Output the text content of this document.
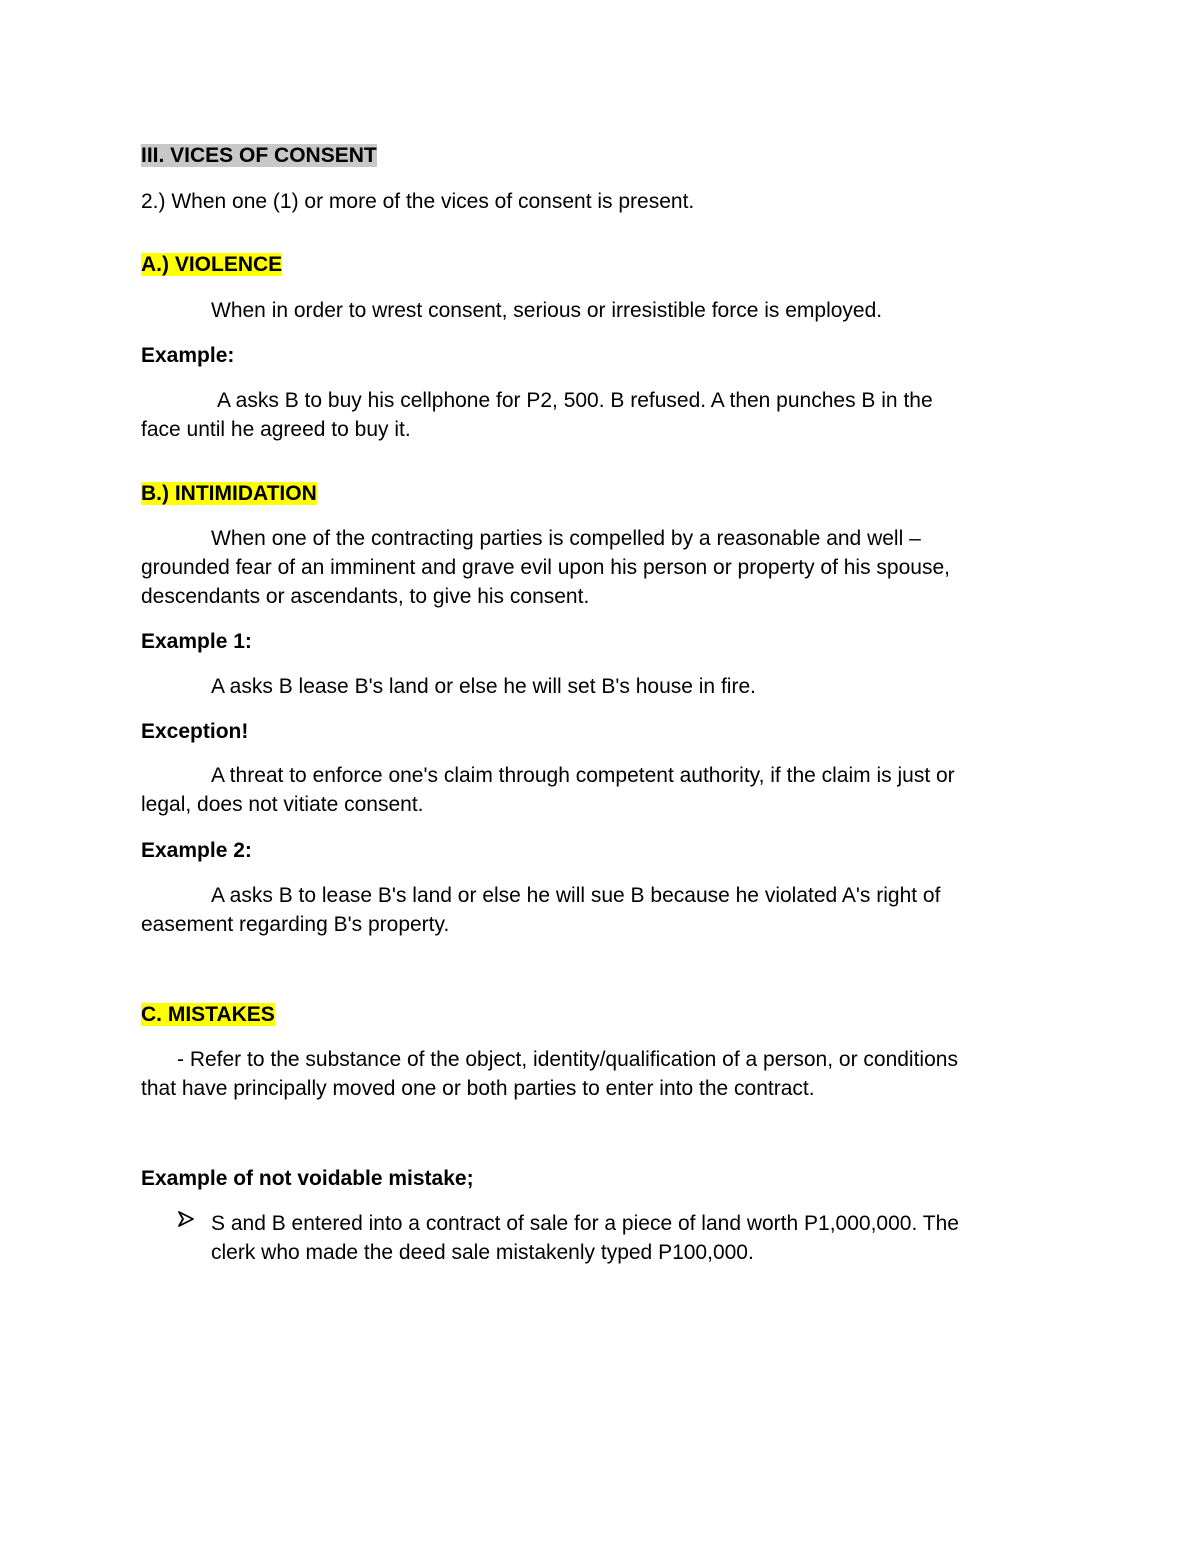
III. VICES OF CONSENT
2.) When one (1) or more of the vices of consent is present.
A.) VIOLENCE
When in order to wrest consent, serious or irresistible force is employed.
Example:
A asks B to buy his cellphone for P2, 500. B refused. A then punches B in the
face until he agreed to buy it.
B.) INTIMIDATION
When one of the contracting parties is compelled by a reasonable and well –
grounded fear of an imminent and grave evil upon his person or property of his spouse,
descendants or ascendants, to give his consent.
Example 1:
A asks B lease B's land or else he will set B's house in fire.
Exception!
A threat to enforce one's claim through competent authority, if the claim is just or
legal, does not vitiate consent.
Example 2:
A asks B to lease B's land or else he will sue B because he violated A's right of
easement regarding B's property.
C. MISTAKES
- Refer to the substance of the object, identity/qualification of a person, or conditions
that have principally moved one or both parties to enter into the contract.
Example of not voidable mistake;
S and B entered into a contract of sale for a piece of land worth P1,000,000. The
clerk who made the deed sale mistakenly typed P100,000.
